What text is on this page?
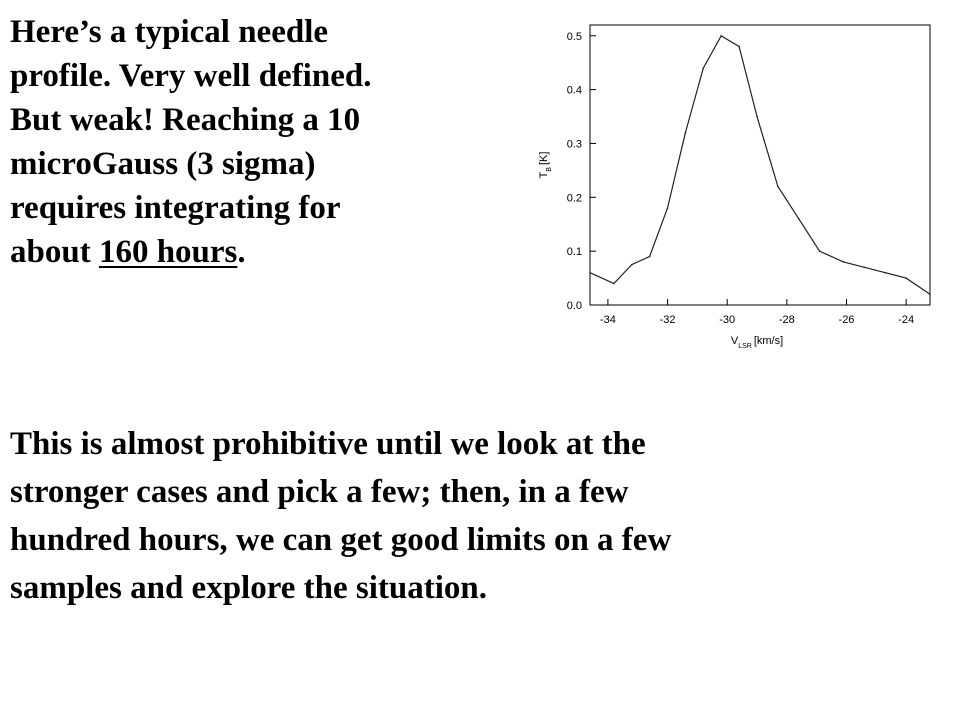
Here’s a typical needle
profile. Very well defined.
But weak! Reaching a 10
microGauss (3 sigma)
requires integrating for
about 160 hours.
0.0
0.1
0.2
0.3
0.4
0.5
-34	-32	-30	-28	-26	-24
$T_B[K]$
$V_{LSR}$ [km/s]
This is almost prohibitive until we look at the
stronger cases and pick a few; then, in a few
hundred hours, we can get good limits on a few
samples and explore the situation.
